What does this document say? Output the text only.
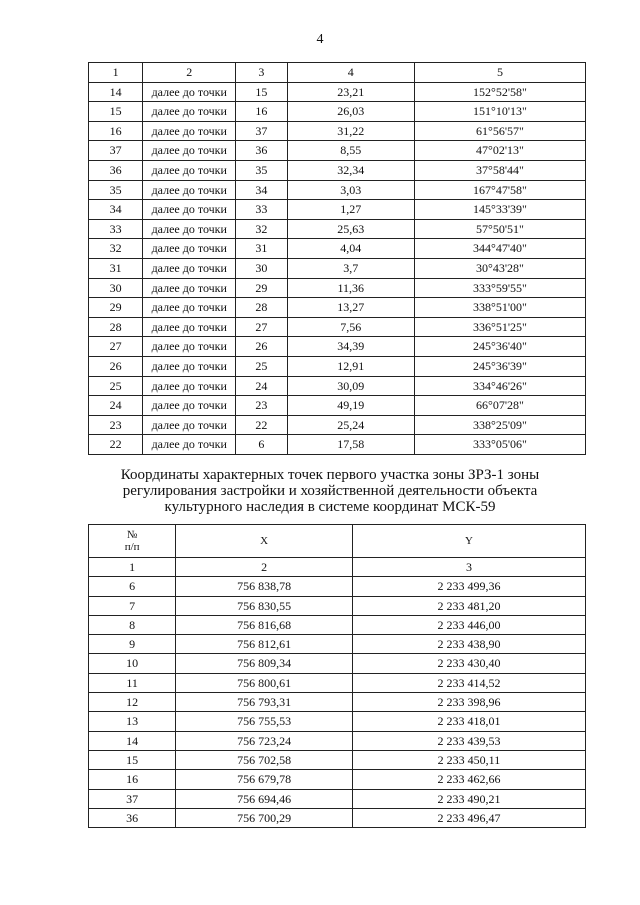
4
1	2	3	4	5
14	далее до точки	15	23,21	152°52'58"
15	далее до точки	16	26,03	151°10'13"
16	далее до точки	37	31,22	61°56'57"
37	далее до точки	36	8,55	47°02'13"
36	далее до точки	35	32,34	37°58'44"
35	далее до точки	34	3,03	167°47'58"
34	далее до точки	33	1,27	145°33'39"
33	далее до точки	32	25,63	57°50'51"
32	далее до точки	31	4,04	344°47'40"
31	далее до точки	30	3,7	30°43'28"
30	далее до точки	29	11,36	333°59'55"
29	далее до точки	28	13,27	338°51'00"
28	далее до точки	27	7,56	336°51'25"
27	далее до точки	26	34,39	245°36'40"
26	далее до точки	25	12,91	245°36'39"
25	далее до точки	24	30,09	334°46'26"
24	далее до точки	23	49,19	66°07'28"
23	далее до точки	22	25,24	338°25'09"
22	далее до точки	6	17,58	333°05'06"
Координаты характерных точек первого участка зоны ЗРЗ-1 зоны
регулирования застройки и хозяйственной деятельности объекта
культурного наследия в системе координат МСК-59
№
п/п	X	Y
1	2	3
6	756 838,78	2 233 499,36
7	756 830,55	2 233 481,20
8	756 816,68	2 233 446,00
9	756 812,61	2 233 438,90
10	756 809,34	2 233 430,40
11	756 800,61	2 233 414,52
12	756 793,31	2 233 398,96
13	756 755,53	2 233 418,01
14	756 723,24	2 233 439,53
15	756 702,58	2 233 450,11
16	756 679,78	2 233 462,66
37	756 694,46	2 233 490,21
36	756 700,29	2 233 496,47
